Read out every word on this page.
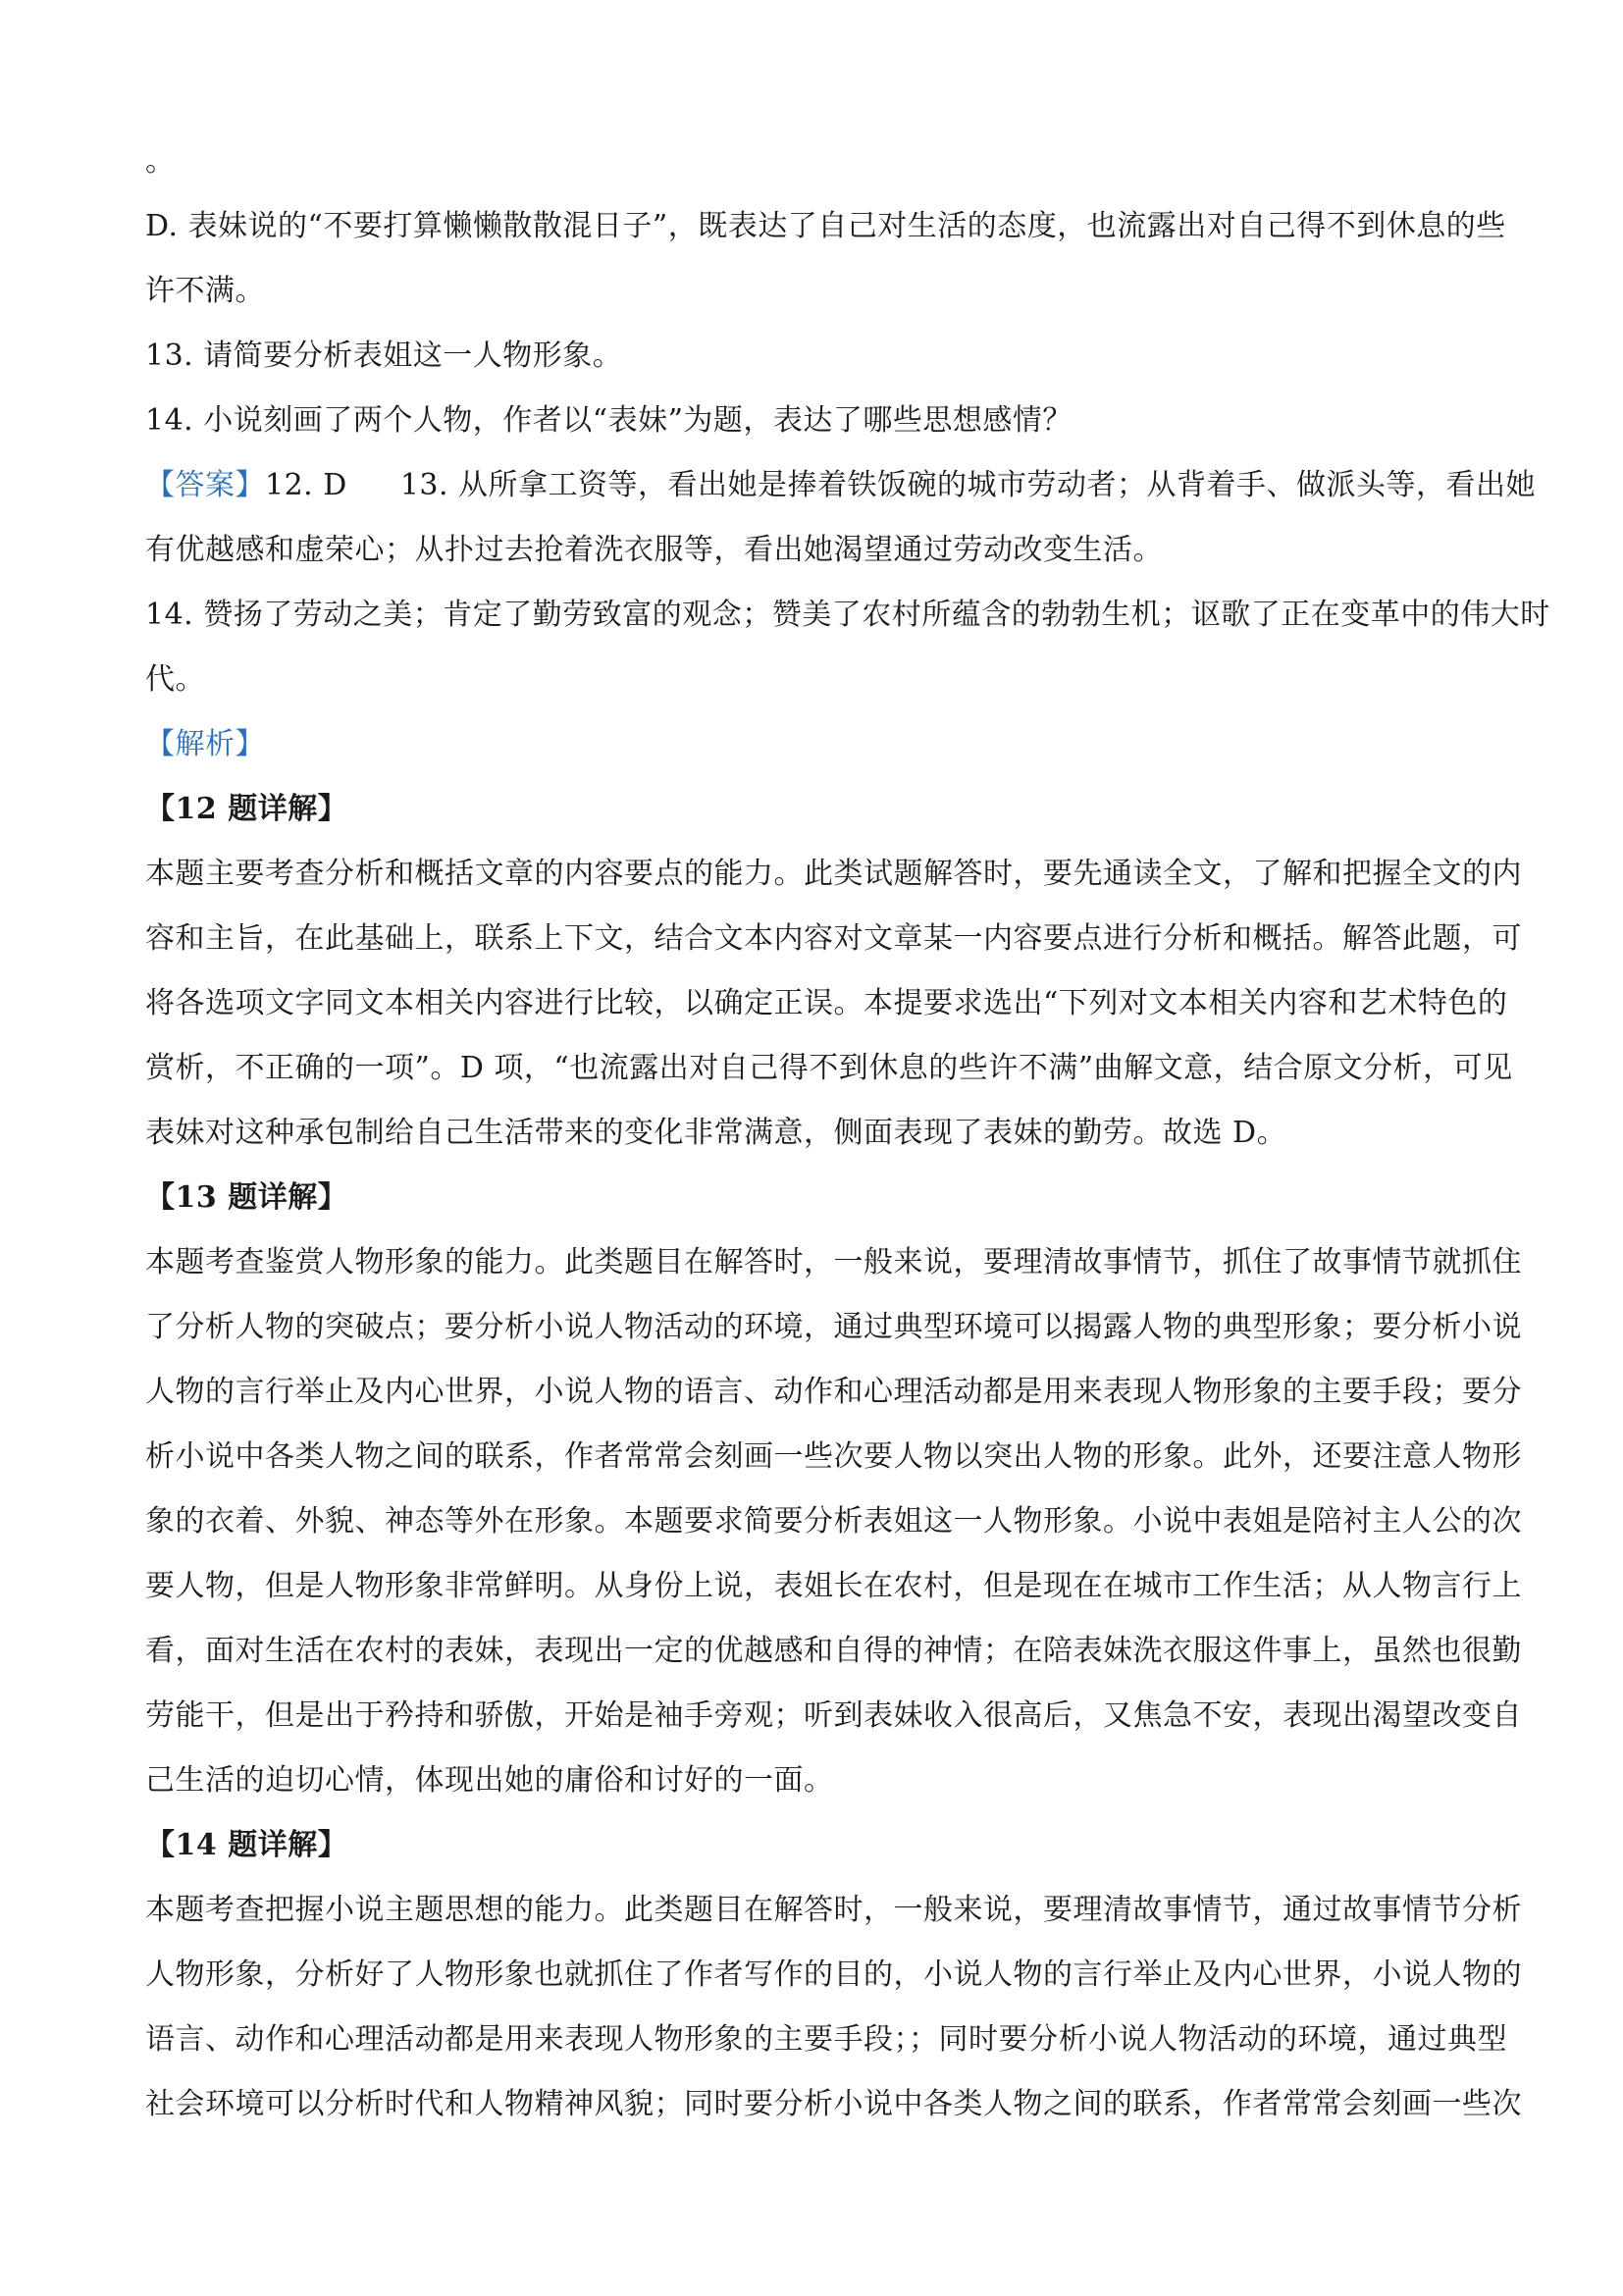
。
D. 表妹说的“不要打算懒懒散散混日子”，既表达了自己对生活的态度，也流露出对自己得不到休息的些
许不满。
13. 请简要分析表姐这一人物形象。
14. 小说刻画了两个人物，作者以“表妹”为题，表达了哪些思想感情？
【答案】12. D 13. 从所拿工资等，看出她是捧着铁饭碗的城市劳动者；从背着手、做派头等，看出她
有优越感和虚荣心；从扑过去抢着洗衣服等，看出她渴望通过劳动改变生活。
14. 赞扬了劳动之美；肯定了勤劳致富的观念；赞美了农村所蕴含的勃勃生机；讴歌了正在变革中的伟大时
代。
【解析】
【12 题详解】
本题主要考查分析和概括文章的内容要点的能力。此类试题解答时，要先通读全文，了解和把握全文的内
容和主旨，在此基础上，联系上下文，结合文本内容对文章某一内容要点进行分析和概括。解答此题，可
将各选项文字同文本相关内容进行比较，以确定正误。本提要求选出“下列对文本相关内容和艺术特色的
赏析，不正确的一项”。D 项，“也流露出对自己得不到休息的些许不满”曲解文意，结合原文分析，可见
表妹对这种承包制给自己生活带来的变化非常满意，侧面表现了表妹的勤劳。故选 D。
【13 题详解】
本题考查鉴赏人物形象的能力。此类题目在解答时，一般来说，要理清故事情节，抓住了故事情节就抓住
了分析人物的突破点；要分析小说人物活动的环境，通过典型环境可以揭露人物的典型形象；要分析小说
人物的言行举止及内心世界，小说人物的语言、动作和心理活动都是用来表现人物形象的主要手段；要分
析小说中各类人物之间的联系，作者常常会刻画一些次要人物以突出人物的形象。此外，还要注意人物形
象的衣着、外貌、神态等外在形象。本题要求简要分析表姐这一人物形象。小说中表姐是陪衬主人公的次
要人物，但是人物形象非常鲜明。从身份上说，表姐长在农村，但是现在在城市工作生活；从人物言行上
看，面对生活在农村的表妹，表现出一定的优越感和自得的神情；在陪表妹洗衣服这件事上，虽然也很勤
劳能干，但是出于矜持和骄傲，开始是袖手旁观；听到表妹收入很高后，又焦急不安，表现出渴望改变自
己生活的迫切心情，体现出她的庸俗和讨好的一面。
【14 题详解】
本题考查把握小说主题思想的能力。此类题目在解答时，一般来说，要理清故事情节，通过故事情节分析
人物形象，分析好了人物形象也就抓住了作者写作的目的，小说人物的言行举止及内心世界，小说人物的
语言、动作和心理活动都是用来表现人物形象的主要手段；；同时要分析小说人物活动的环境，通过典型
社会环境可以分析时代和人物精神风貌；同时要分析小说中各类人物之间的联系，作者常常会刻画一些次
